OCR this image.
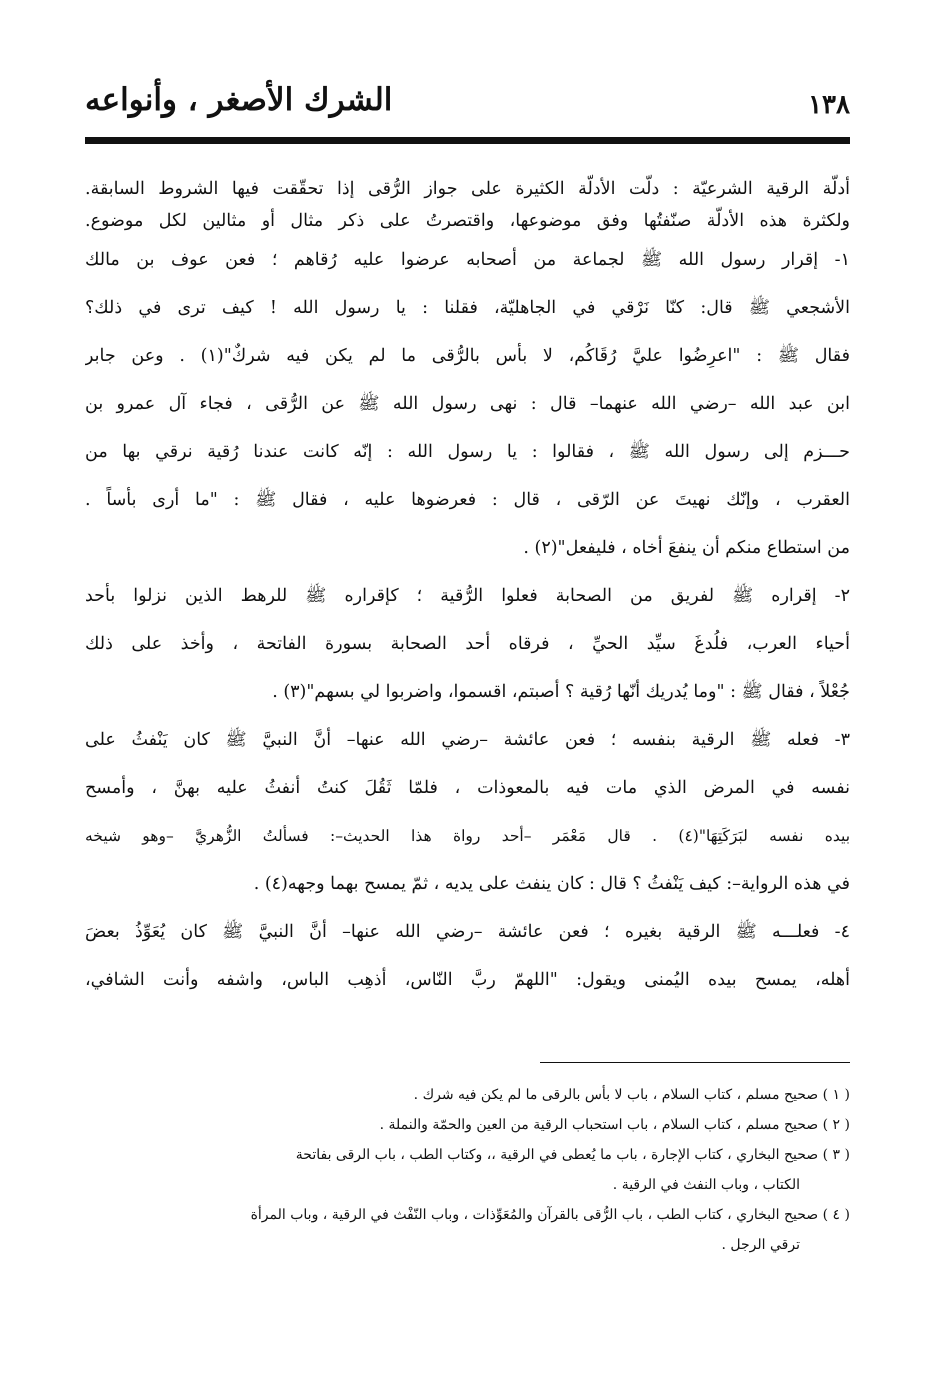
١٣٨
الشرك الأصغر ، وأنواعه
أدلّة الرقية الشرعيّة : دلّت الأدلّة الكثيرة على جواز الرُّقى إذا تحقّقت فيها الشروط السابقة.
ولكثرة هذه الأدلّة صنّفتُها وفق موضوعها، واقتصرتُ على ذكر مثال أو مثالين لكل موضوع.
١- إقرار رسول الله ﷺ لجماعة من أصحابه عرضوا عليه رُقاهم ؛ فعن عوف بن مالك
الأشجعي ﷺ قال: كنّا نَرْقي في الجاهليّة، فقلنا : يا رسول الله ! كيف ترى في ذلك؟
فقال ﷺ : "اعرِضُوا عليَّ رُقَاكُم، لا بأس بالرُّقى ما لم يكن فيه شركٌ"(١) . وعن جابر
ابن عبد الله –رضي الله عنهما– قال : نهى رسول الله ﷺ عن الرُّقى ، فجاء آل عمرو بن
حـــزم إلى رسول الله ﷺ ، فقالوا : يا رسول الله : إنّه كانت عندنا رُقية نرقي بها من
العقرب ، وإنّك نهيتَ عن الرّقى ، قال : فعرضوها عليه ، فقال ﷺ : "ما أرى بأساً .
من استطاع منكم أن ينفعَ أخاه ، فليفعل"(٢) .
٢- إقراره ﷺ لفريق من الصحابة فعلوا الرُّقية ؛ كإقراره ﷺ للرهط الذين نزلوا بأحد
أحياء العرب، فلُدغَ سيِّد الحيِّ ، فرقاه أحد الصحابة بسورة الفاتحة ، وأخذ على ذلك
جُعْلاً ، فقال ﷺ : "وما يُدريك أنّها رُقية ؟ أصبتم، اقسموا، واضربوا لي بسهم"(٣) .
٣- فعله ﷺ الرقية بنفسه ؛ فعن عائشة –رضي الله عنها– أنَّ النبيَّ ﷺ كان يَنْفثُ على
نفسه في المرض الذي مات فيه بالمعوذات ، فلمّا ثَقُلَ كنتُ أنفثُ عليه بهنَّ ، وأمسح
بيده نفسه لبَرَكَتِهَا"(٤) . قال مَعْمَر –أحد رواة هذا الحديث–: فسألتُ الزُّهريَّ –وهو شيخه
في هذه الرواية–: كيف يَنْفثُ ؟ قال : كان ينفث على يديه ، ثمّ يمسح بهما وجهه(٤) .
٤- فعلـــه ﷺ الرقية بغيره ؛ فعن عائشة –رضي الله عنها– أنَّ النبيَّ ﷺ كان يُعَوِّذُ بعضَ
أهله، يمسح بيده اليُمنى ويقول: "اللهمّ ربَّ النّاس، أذهِب الباس، واشفه وأنت الشافي،
( ١ ) صحيح مسلم ، كتاب السلام ، باب لا بأس بالرقى ما لم يكن فيه شرك .
( ٢ ) صحيح مسلم ، كتاب السلام ، باب استحباب الرقية من العين والحمّة والنملة .
( ٣ ) صحيح البخاري ، كتاب الإجارة ، باب ما يُعطى في الرقية ،، وكتاب الطب ، باب الرقى بفاتحة
الكتاب ، وباب النفث في الرقية .
( ٤ ) صحيح البخاري ، كتاب الطب ، باب الرُّقى بالقرآن والمُعَوِّذات ، وباب النّفْث في الرقية ، وباب المرأة
ترقي الرجل .
